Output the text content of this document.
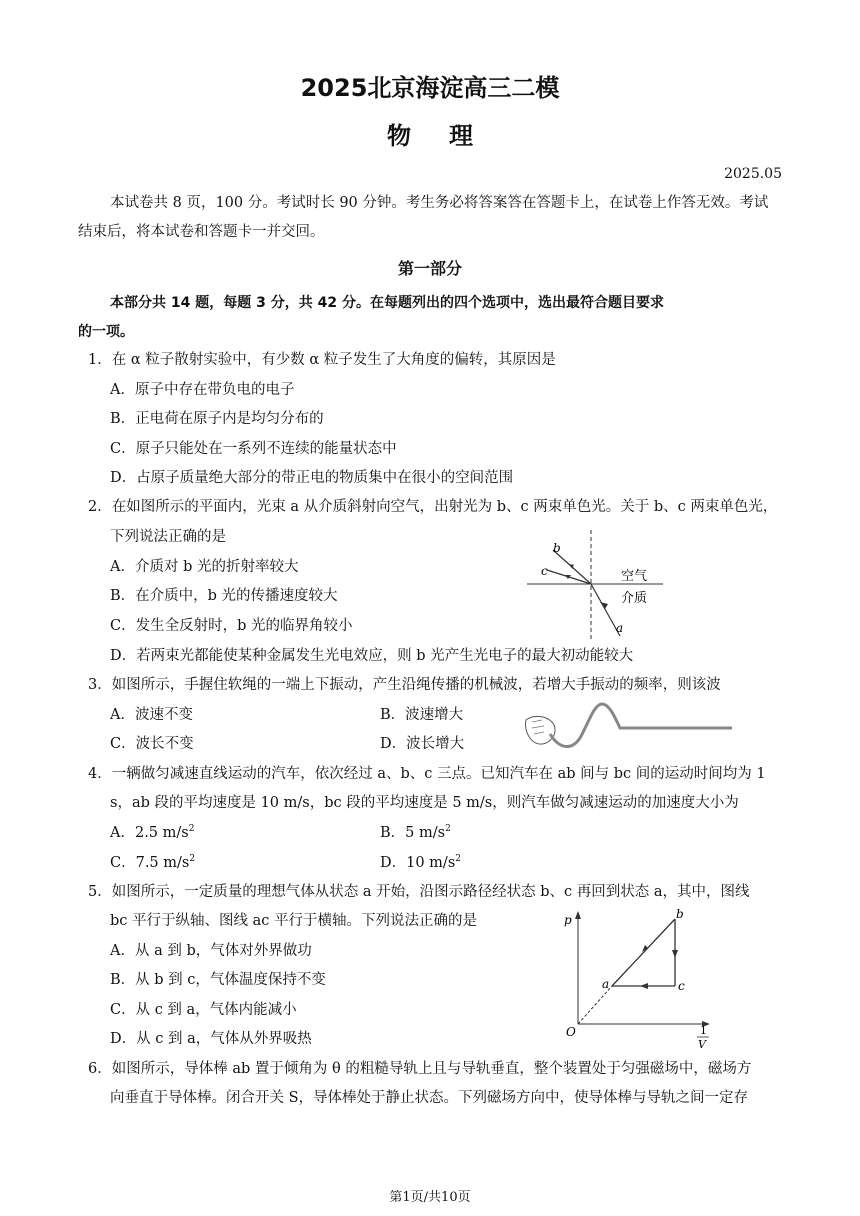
2025北京海淀高三二模
物理
2025.05
本试卷共 8 页，100 分。考试时长 90 分钟。考生务必将答案答在答题卡上，在试卷上作答无效。考试
结束后，将本试卷和答题卡一并交回。
第一部分
本部分共 14 题，每题 3 分，共 42 分。在每题列出的四个选项中，选出最符合题目要求
的一项。
1．在 α 粒子散射实验中，有少数 α 粒子发生了大角度的偏转，其原因是
A．原子中存在带负电的电子
B．正电荷在原子内是均匀分布的
C．原子只能处在一系列不连续的能量状态中
D．占原子质量绝大部分的带正电的物质集中在很小的空间范围
2．在如图所示的平面内，光束 a 从介质斜射向空气，出射光为 b、c 两束单色光。关于 b、c 两束单色光，
下列说法正确的是
A．介质对 b 光的折射率较大
B．在介质中，b 光的传播速度较大
C．发生全反射时，b 光的临界角较小
D．若两束光都能使某种金属发生光电效应，则 b 光产生光电子的最大初动能较大
空气
介质
b
c
a
3．如图所示，手握住软绳的一端上下振动，产生沿绳传播的机械波，若增大手振动的频率，则该波
A．波速不变	B．波速增大
C．波长不变	D．波长增大
4．一辆做匀减速直线运动的汽车，依次经过 a、b、c 三点。已知汽车在 ab 间与 bc 间的运动时间均为 1
s，ab 段的平均速度是 10 m/s，bc 段的平均速度是 5 m/s，则汽车做匀减速运动的加速度大小为
A．2.5 $m/s^2$	B．5 $m/s^2$
C．7.5 $m/s^2$	D．10 $m/s^2$
5．如图所示，一定质量的理想气体从状态 a 开始，沿图示路径经状态 b、c 再回到状态 a，其中，图线
bc 平行于纵轴、图线 ac 平行于横轴。下列说法正确的是
A．从 a 到 b，气体对外界做功
B．从 b 到 c，气体温度保持不变
C．从 c 到 a，气体内能减小
D．从 c 到 a，气体从外界吸热
p
O
a
b
c
1
V
6．如图所示，导体棒 ab 置于倾角为 θ 的粗糙导轨上且与导轨垂直，整个装置处于匀强磁场中，磁场方
向垂直于导体棒。闭合开关 S，导体棒处于静止状态。下列磁场方向中，使导体棒与导轨之间一定存
第1页/共10页
